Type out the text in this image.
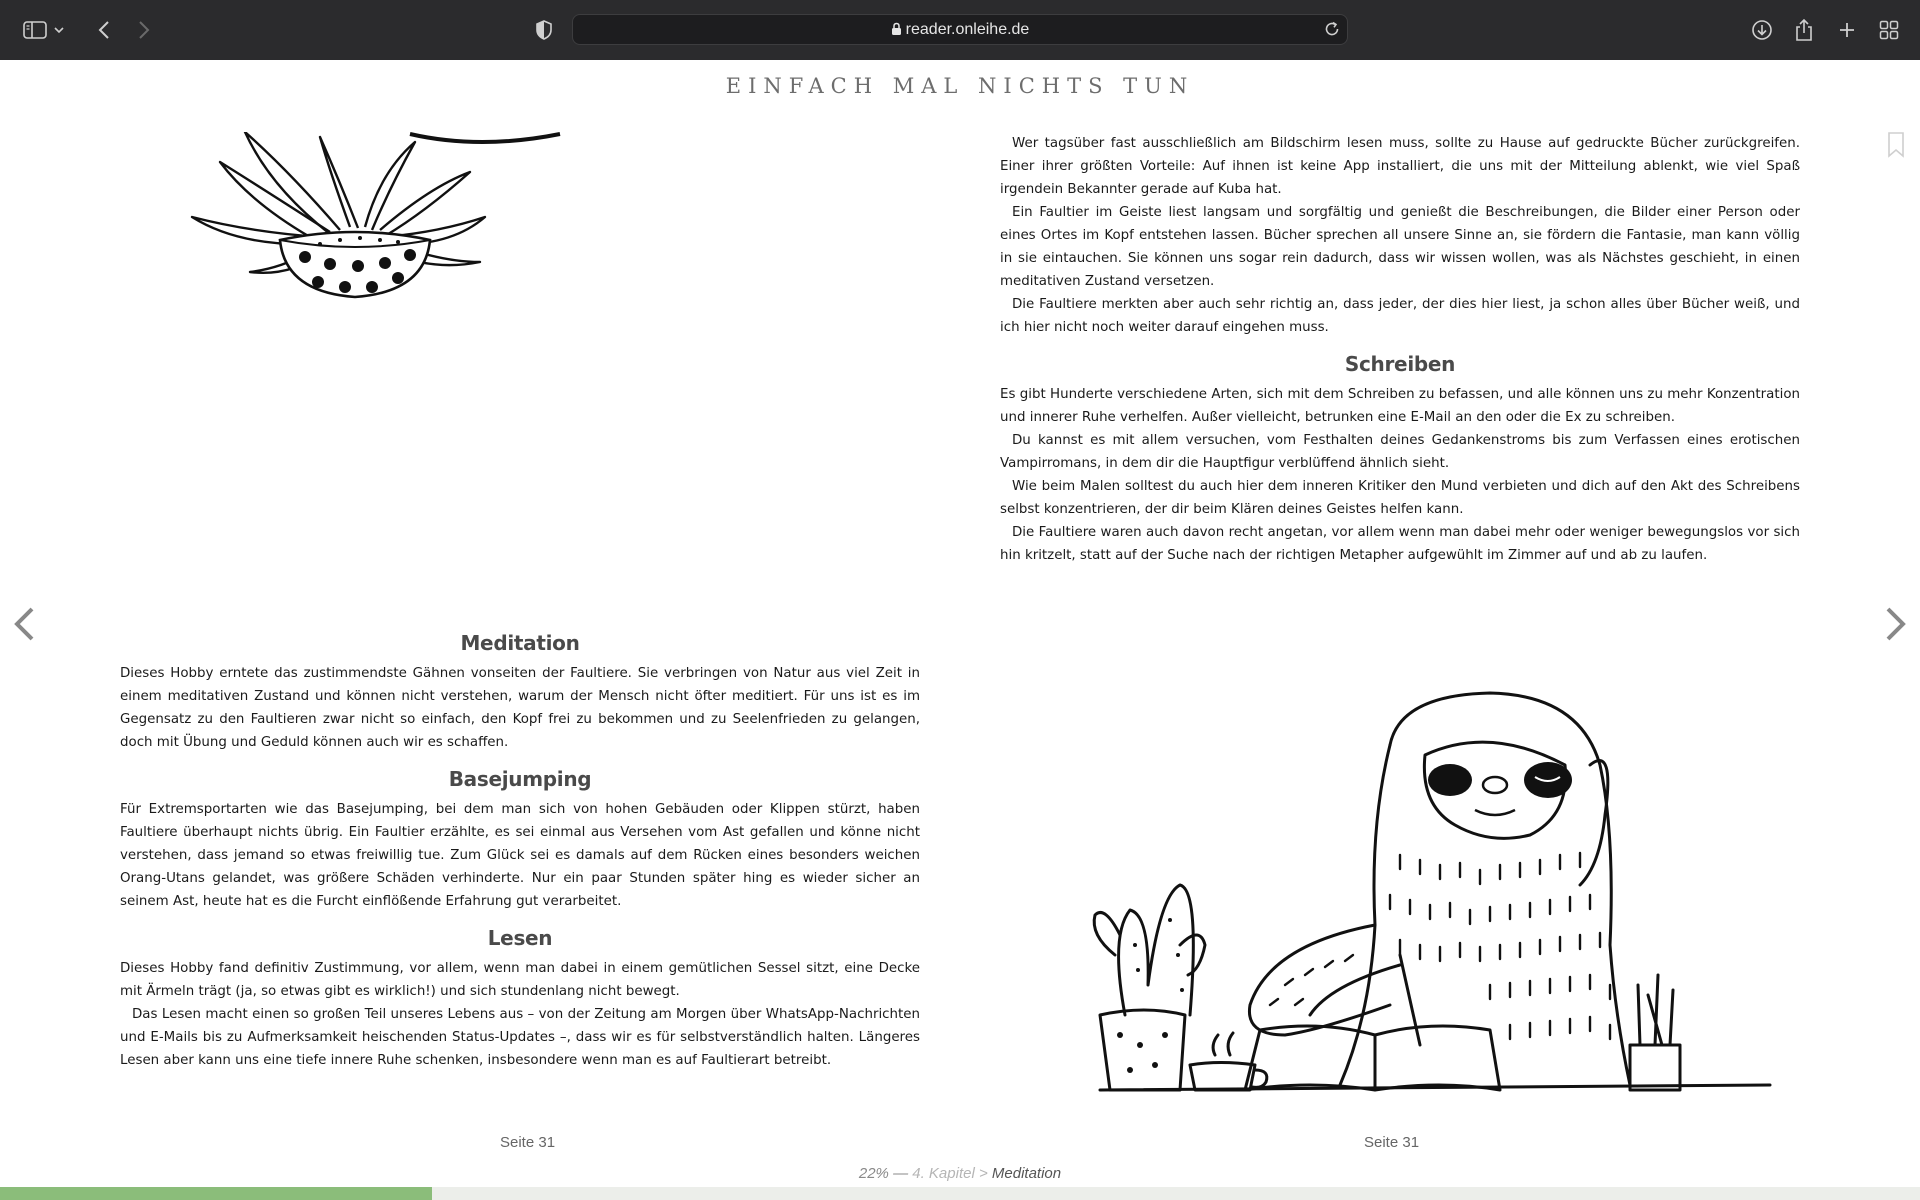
reader.onleihe.de
EINFACH MAL NICHTS TUN
Meditation

Dieses Hobby erntete das zustimmendste Gähnen vonseiten der Faultiere. Sie verbringen von Natur aus viel Zeit in einem meditativen Zustand und können nicht verstehen, warum der Mensch nicht öfter meditiert. Für uns ist es im Gegensatz zu den Faultieren zwar nicht so einfach, den Kopf frei zu bekommen und zu Seelenfrieden zu gelangen, doch mit Übung und Geduld können auch wir es schaffen.

Basejumping

Für Extremsportarten wie das Basejumping, bei dem man sich von hohen Gebäuden oder Klippen stürzt, haben Faultiere überhaupt nichts übrig. Ein Faultier erzählte, es sei einmal aus Versehen vom Ast gefallen und könne nicht verstehen, dass jemand so etwas freiwillig tue. Zum Glück sei es damals auf dem Rücken eines besonders weichen Orang-Utans gelandet, was größere Schäden verhinderte. Nur ein paar Stunden später hing es wieder sicher an seinem Ast, heute hat es die Furcht einflößende Erfahrung gut verarbeitet.

Lesen

Dieses Hobby fand definitiv Zustimmung, vor allem, wenn man dabei in einem gemütlichen Sessel sitzt, eine Decke mit Ärmeln trägt (ja, so etwas gibt es wirklich!) und sich stundenlang nicht bewegt.

Das Lesen macht einen so großen Teil unseres Lebens aus – von der Zeitung am Morgen über WhatsApp-Nachrichten und E-Mails bis zu Aufmerksamkeit heischenden Status-Updates –, dass wir es für selbstverständlich halten. Längeres Lesen aber kann uns eine tiefe innere Ruhe schenken, insbesondere wenn man es auf Faultierart betreibt.

Wer tagsüber fast ausschließlich am Bildschirm lesen muss, sollte zu Hause auf gedruckte Bücher zurückgreifen. Einer ihrer größten Vorteile: Auf ihnen ist keine App installiert, die uns mit der Mitteilung ablenkt, wie viel Spaß irgendein Bekannter gerade auf Kuba hat.

Ein Faultier im Geiste liest langsam und sorgfältig und genießt die Beschreibungen, die Bilder einer Person oder eines Ortes im Kopf entstehen lassen. Bücher sprechen all unsere Sinne an, sie fördern die Fantasie, man kann völlig in sie eintauchen. Sie können uns sogar rein dadurch, dass wir wissen wollen, was als Nächstes geschieht, in einen meditativen Zustand versetzen.

Die Faultiere merkten aber auch sehr richtig an, dass jeder, der dies hier liest, ja schon alles über Bücher weiß, und ich hier nicht noch weiter darauf eingehen muss.

Schreiben

Es gibt Hunderte verschiedene Arten, sich mit dem Schreiben zu befassen, und alle können uns zu mehr Konzentration und innerer Ruhe verhelfen. Außer vielleicht, betrunken eine E-Mail an den oder die Ex zu schreiben.

Du kannst es mit allem versuchen, vom Festhalten deines Gedankenstroms bis zum Verfassen eines erotischen Vampirromans, in dem dir die Hauptfigur verblüffend ähnlich sieht.

Wie beim Malen solltest du auch hier dem inneren Kritiker den Mund verbieten und dich auf den Akt des Schreibens selbst konzentrieren, der dir beim Klären deines Geistes helfen kann.

Die Faultiere waren auch davon recht angetan, vor allem wenn man dabei mehr oder weniger bewegungslos vor sich hin kritzelt, statt auf der Suche nach der richtigen Metapher aufgewühlt im Zimmer auf und ab zu laufen.

Seite 31	Seite 31
22% — 4. Kapitel > Meditation
